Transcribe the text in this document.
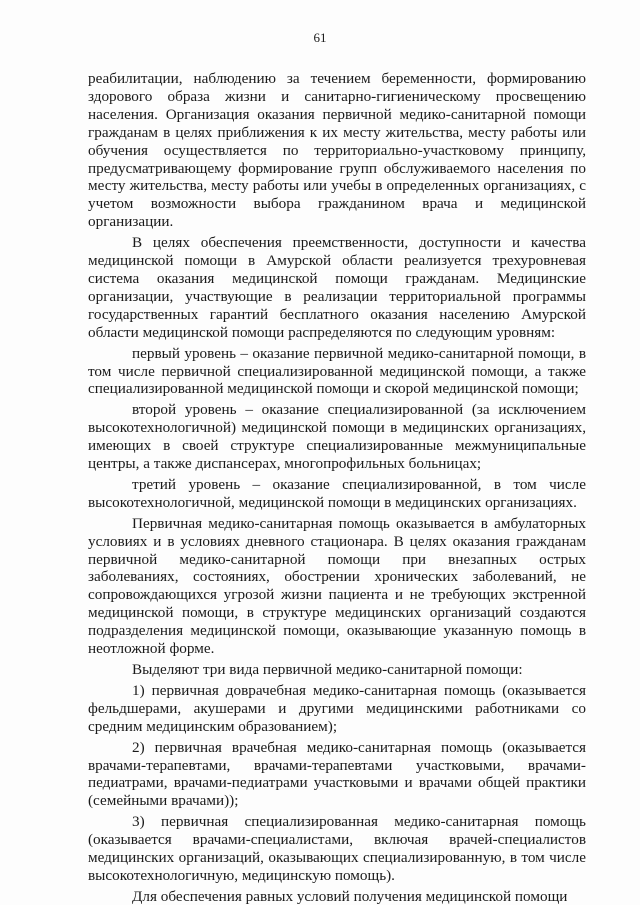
61

реабилитации, наблюдению за течением беременности, формированию здорового образа жизни и санитарно-гигиеническому просвещению населения. Организация оказания первичной медико-санитарной помощи гражданам в целях приближения к их месту жительства, месту работы или обучения осуществляется по территориально-участковому принципу, предусматривающему формирование групп обслуживаемого населения по месту жительства, месту работы или учебы в определенных организациях, с учетом возможности выбора гражданином врача и медицинской организации.

В целях обеспечения преемственности, доступности и качества медицинской помощи в Амурской области реализуется трехуровневая система оказания медицинской помощи гражданам. Медицинские организации, участвующие в реализации территориальной программы государственных гарантий бесплатного оказания населению Амурской области медицинской помощи распределяются по следующим уровням:

первый уровень – оказание первичной медико-санитарной помощи, в том числе первичной специализированной медицинской помощи, а также специализированной медицинской помощи и скорой медицинской помощи;

второй уровень – оказание специализированной (за исключением высокотехнологичной) медицинской помощи в медицинских организациях, имеющих в своей структуре специализированные межмуниципальные центры, а также диспансерах, многопрофильных больницах;

третий уровень – оказание специализированной, в том числе высокотехнологичной, медицинской помощи в медицинских организациях.

Первичная медико-санитарная помощь оказывается в амбулаторных условиях и в условиях дневного стационара. В целях оказания гражданам первичной медико-санитарной помощи при внезапных острых заболеваниях, состояниях, обострении хронических заболеваний, не сопровождающихся угрозой жизни пациента и не требующих экстренной медицинской помощи, в структуре медицинских организаций создаются подразделения медицинской помощи, оказывающие указанную помощь в неотложной форме.

Выделяют три вида первичной медико-санитарной помощи:

1) первичная доврачебная медико-санитарная помощь (оказывается фельдшерами, акушерами и другими медицинскими работниками со средним медицинским образованием);

2) первичная врачебная медико-санитарная помощь (оказывается врачами-терапевтами, врачами-терапевтами участковыми, врачами-педиатрами, врачами-педиатрами участковыми и врачами общей практики (семейными врачами));

3) первичная специализированная медико-санитарная помощь (оказывается врачами-специалистами, включая врачей-специалистов медицинских организаций, оказывающих специализированную, в том числе высокотехнологичную, медицинскую помощь).

Для обеспечения равных условий получения медицинской помощи
